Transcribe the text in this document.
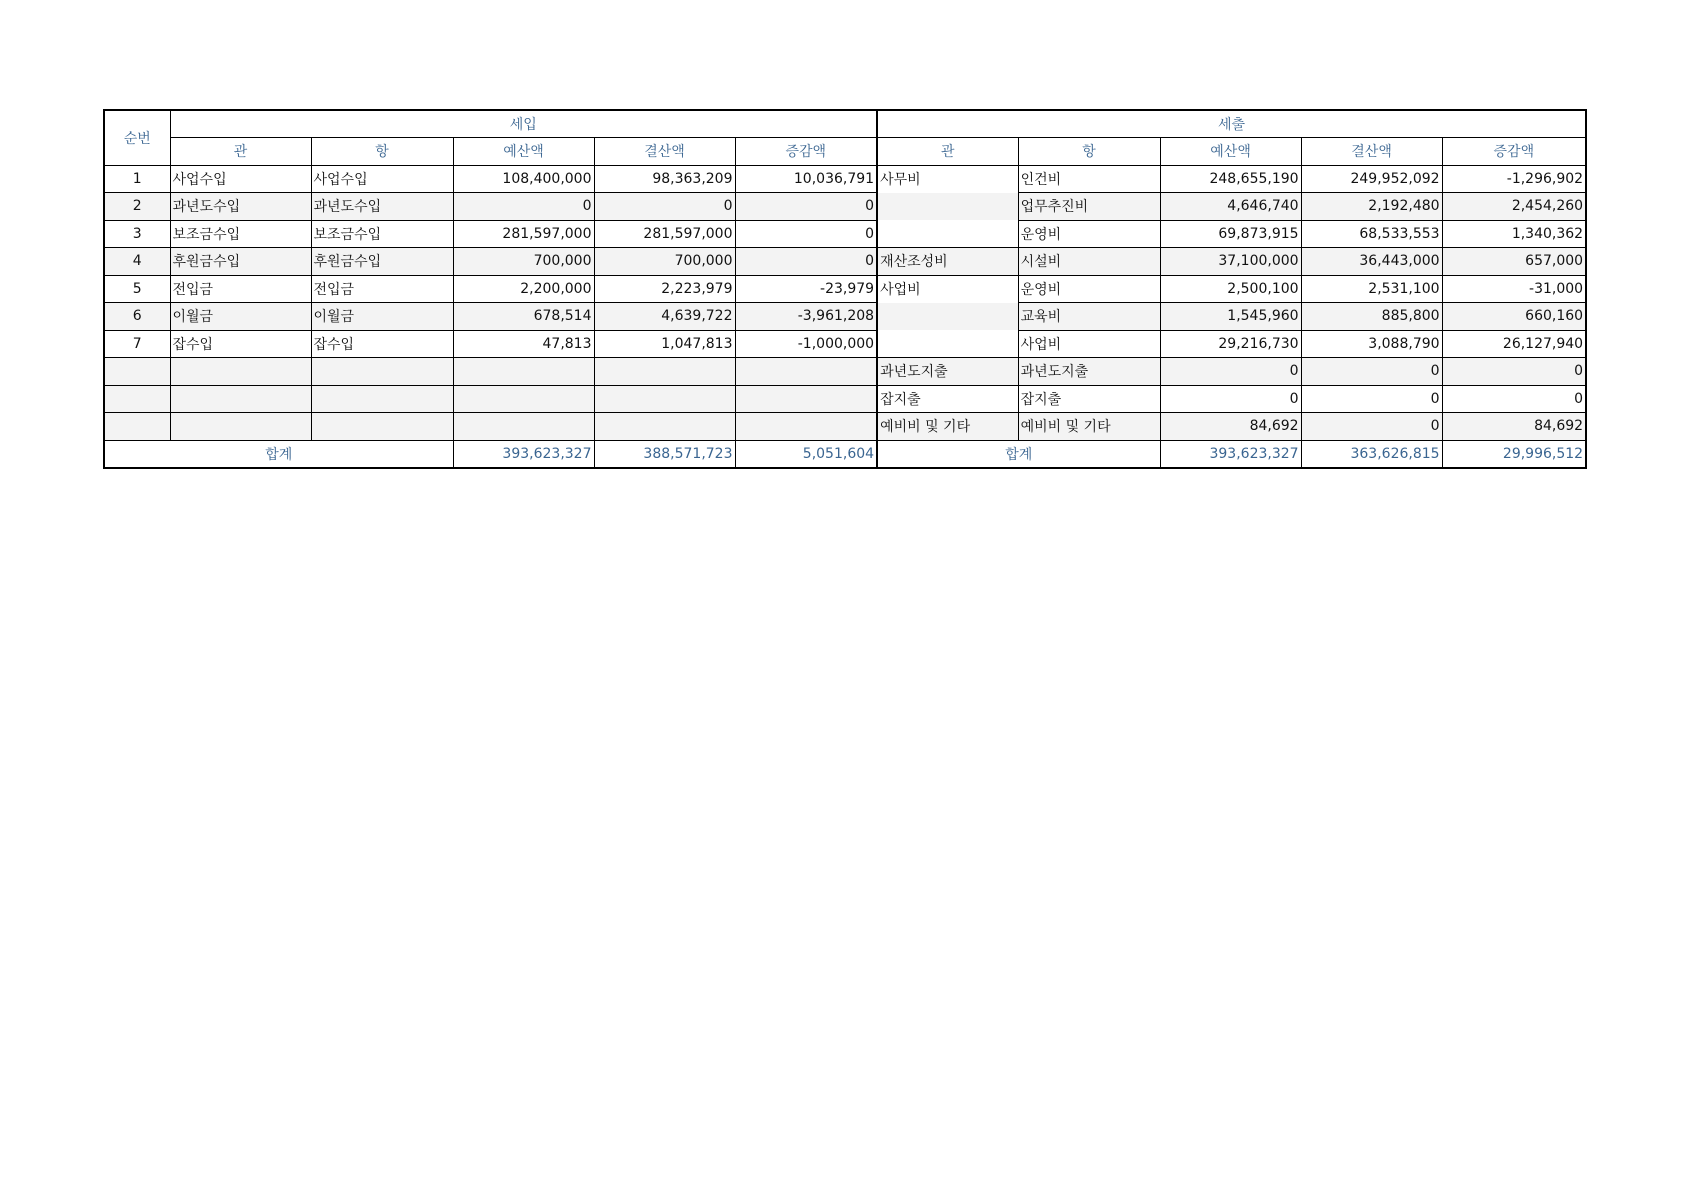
순번	세입					세출				
	관	항	예산액	결산액	증감액	관	항	예산액	결산액	증감액
1	사업수입	사업수입	108,400,000	98,363,209	10,036,791	사무비	인건비	248,655,190	249,952,092	-1,296,902
2	과년도수입	과년도수입	0	0	0		업무추진비	4,646,740	2,192,480	2,454,260
3	보조금수입	보조금수입	281,597,000	281,597,000	0		운영비	69,873,915	68,533,553	1,340,362
4	후원금수입	후원금수입	700,000	700,000	0	재산조성비	시설비	37,100,000	36,443,000	657,000
5	전입금	전입금	2,200,000	2,223,979	-23,979	사업비	운영비	2,500,100	2,531,100	-31,000
6	이월금	이월금	678,514	4,639,722	-3,961,208		교육비	1,545,960	885,800	660,160
7	잡수입	잡수입	47,813	1,047,813	-1,000,000		사업비	29,216,730	3,088,790	26,127,940
						과년도지출	과년도지출	0	0	0
						잡지출	잡지출	0	0	0
						예비비 및 기타	예비비 및 기타	84,692	0	84,692
합계			393,623,327	388,571,723	5,051,604	합계		393,623,327	363,626,815	29,996,512
